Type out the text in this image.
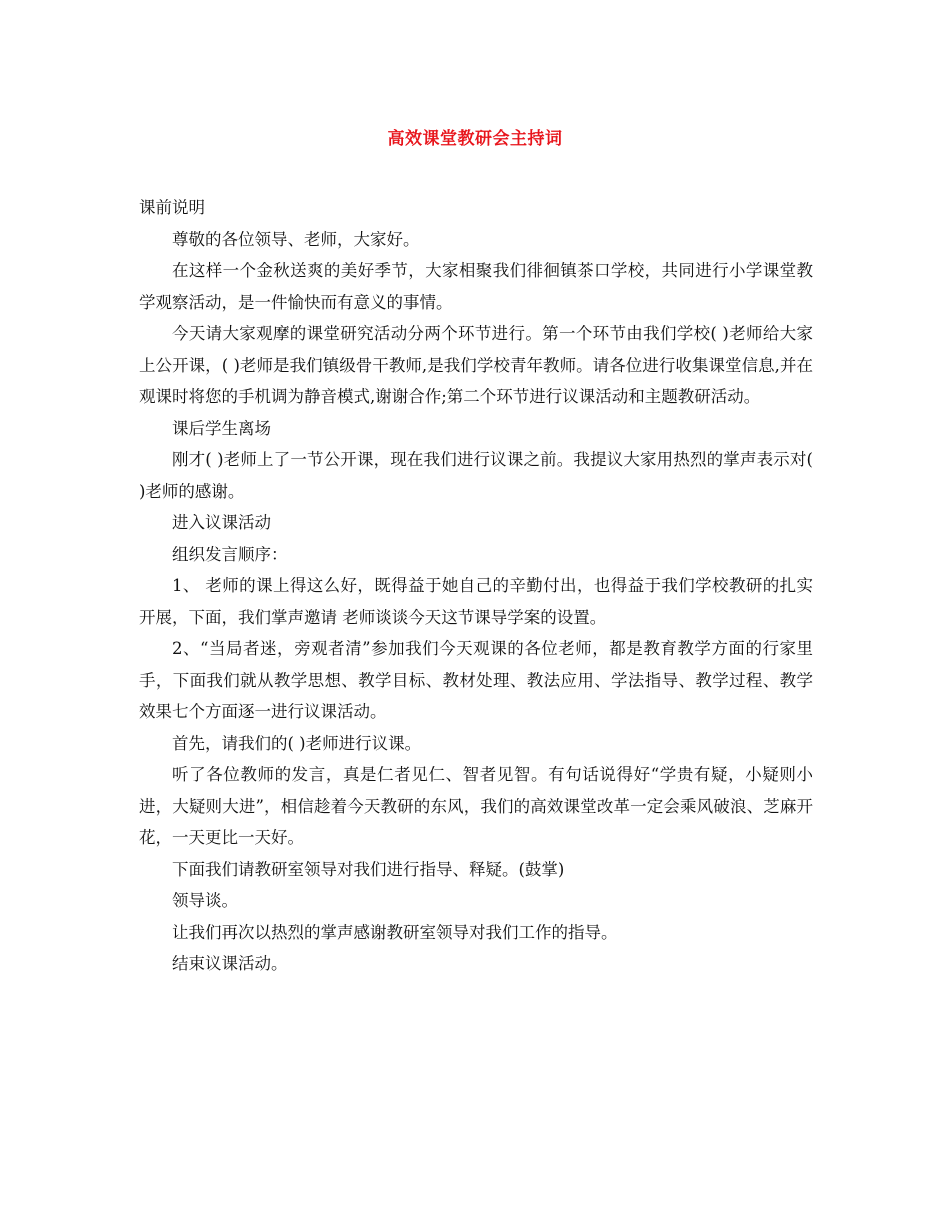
高效课堂教研会主持词

课前说明

尊敬的各位领导、老师，大家好。

在这样一个金秋送爽的美好季节，大家相聚我们徘徊镇茶口学校，共同进行小学课堂教学观察活动，是一件愉快而有意义的事情。

今天请大家观摩的课堂研究活动分两个环节进行。第一个环节由我们学校( )老师给大家上公开课，( )老师是我们镇级骨干教师,是我们学校青年教师。请各位进行收集课堂信息,并在观课时将您的手机调为静音模式,谢谢合作;第二个环节进行议课活动和主题教研活动。

课后学生离场

刚才( )老师上了一节公开课，现在我们进行议课之前。我提议大家用热烈的掌声表示对( )老师的感谢。

进入议课活动

组织发言顺序：

1、 老师的课上得这么好，既得益于她自己的辛勤付出，也得益于我们学校教研的扎实开展，下面，我们掌声邀请 老师谈谈今天这节课导学案的设置。

2、“当局者迷，旁观者清”参加我们今天观课的各位老师，都是教育教学方面的行家里手，下面我们就从教学思想、教学目标、教材处理、教法应用、学法指导、教学过程、教学效果七个方面逐一进行议课活动。

首先，请我们的( )老师进行议课。

听了各位教师的发言，真是仁者见仁、智者见智。有句话说得好“学贵有疑，小疑则小进，大疑则大进”，相信趁着今天教研的东风，我们的高效课堂改革一定会乘风破浪、芝麻开花，一天更比一天好。

下面我们请教研室领导对我们进行指导、释疑。(鼓掌)

领导谈。

让我们再次以热烈的掌声感谢教研室领导对我们工作的指导。

结束议课活动。
